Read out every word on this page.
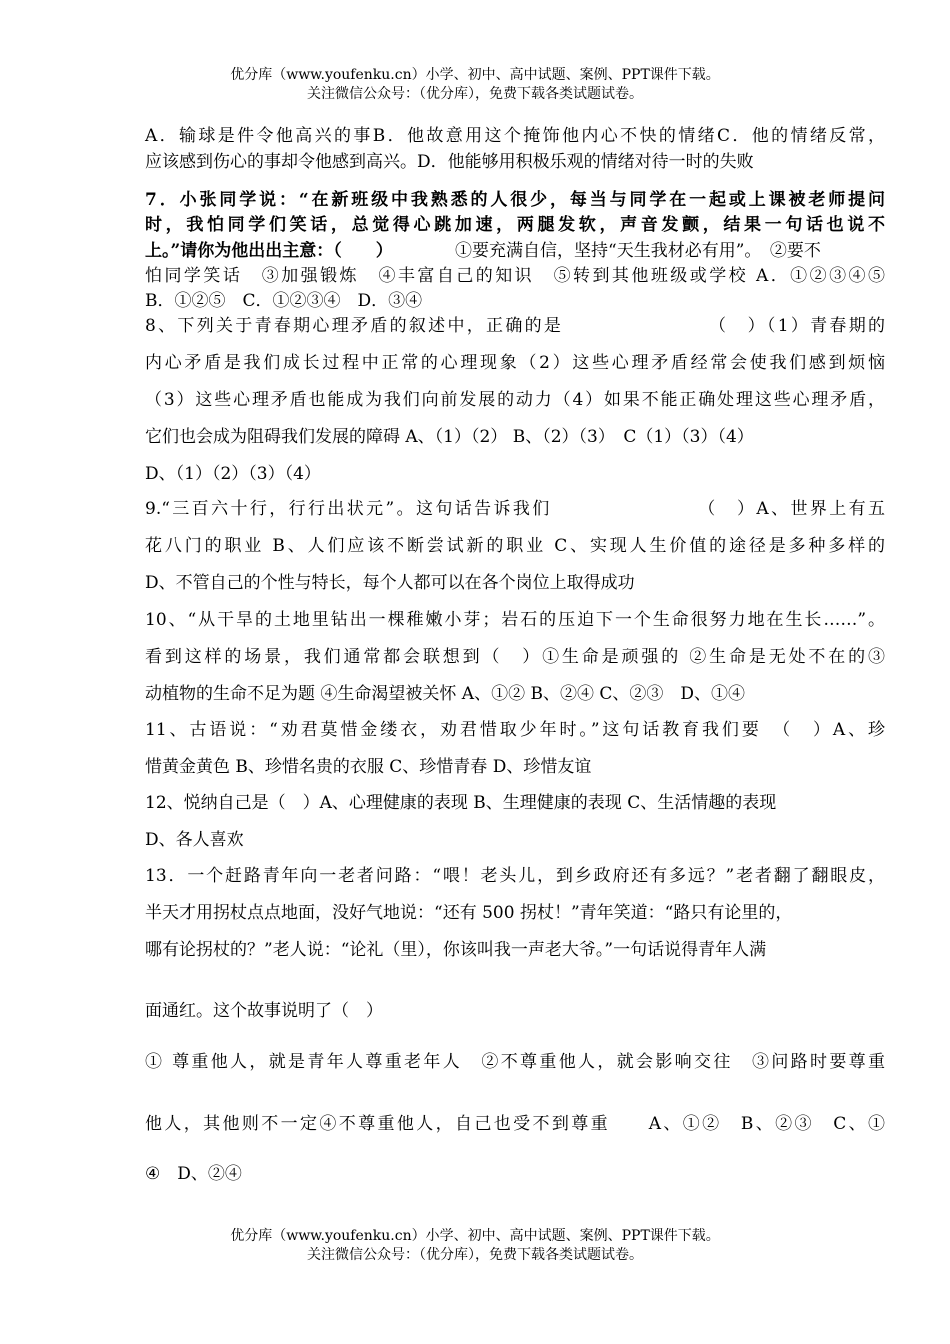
优分库（www.youfenku.cn）小学、初中、高中试题、案例、PPT课件下载。
关注微信公众号：（优分库），免费下载各类试题试卷。
A．输球是件令他高兴的事B．他故意用这个掩饰他内心不快的情绪C．他的情绪反常，
应该感到伤心的事却令他感到高兴。D．他能够用积极乐观的情绪对待一时的失败
7．小张同学说：“在新班级中我熟悉的人很少，每当与同学在一起或上课被老师提问
时，我怕同学们笑话，总觉得心跳加速，两腿发软，声音发颤，结果一句话也说不
上。”请你为他出出主意：（　　）	①要充满自信，坚持“天生我材必有用”。　②要不
怕同学笑话　③加强锻炼　④丰富自己的知识　⑤转到其他班级或学校 A．①②③④⑤
B．①②⑤　C．①②③④　D．③④
8、下列关于青春期心理矛盾的叙述中，正确的是　　　　　　　　（　）（1）青春期的
内心矛盾是我们成长过程中正常的心理现象（2）这些心理矛盾经常会使我们感到烦恼
（3）这些心理矛盾也能成为我们向前发展的动力（4）如果不能正确处理这些心理矛盾，
它们也会成为阻碍我们发展的障碍 A、（1）（2） B、（2）（3）　C（1）（3）（4）
D、（1）（2）（3）（4）
9.“三百六十行，行行出状元”。这句话告诉我们　　　　　　　　（　）A、世界上有五
花八门的职业 B、人们应该不断尝试新的职业 C、实现人生价值的途径是多种多样的
D、不管自己的个性与特长，每个人都可以在各个岗位上取得成功
10、“从干旱的土地里钻出一棵稚嫩小芽；岩石的压迫下一个生命很努力地在生长……”。
看到这样的场景，我们通常都会联想到（　）①生命是顽强的 ②生命是无处不在的③
动植物的生命不足为题 ④生命渴望被关怀 A、①② B、②④ C、②③　D、①④
11、古语说：“劝君莫惜金缕衣，劝君惜取少年时。”这句话教育我们要　（　）A、珍
惜黄金黄色 B、珍惜名贵的衣服 C、珍惜青春 D、珍惜友谊
12、悦纳自己是（　）A、心理健康的表现 B、生理健康的表现 C、生活情趣的表现
D、各人喜欢
13．一个赶路青年向一老者问路：“喂！老头儿，到乡政府还有多远？”老者翻了翻眼皮，
半天才用拐杖点点地面，没好气地说：“还有 500 拐杖！”青年笑道：“路只有论里的，
哪有论拐杖的？”老人说：“论礼（里），你该叫我一声老大爷。”一句话说得青年人满
面通红。这个故事说明了（　）
① 尊重他人，就是青年人尊重老年人　②不尊重他人，就会影响交往　③问路时要尊重
他人，其他则不一定④不尊重他人，自己也受不到尊重　　A、①②　B、②③　C、①
④　D、②④
优分库（www.youfenku.cn）小学、初中、高中试题、案例、PPT课件下载。
关注微信公众号：（优分库），免费下载各类试题试卷。
